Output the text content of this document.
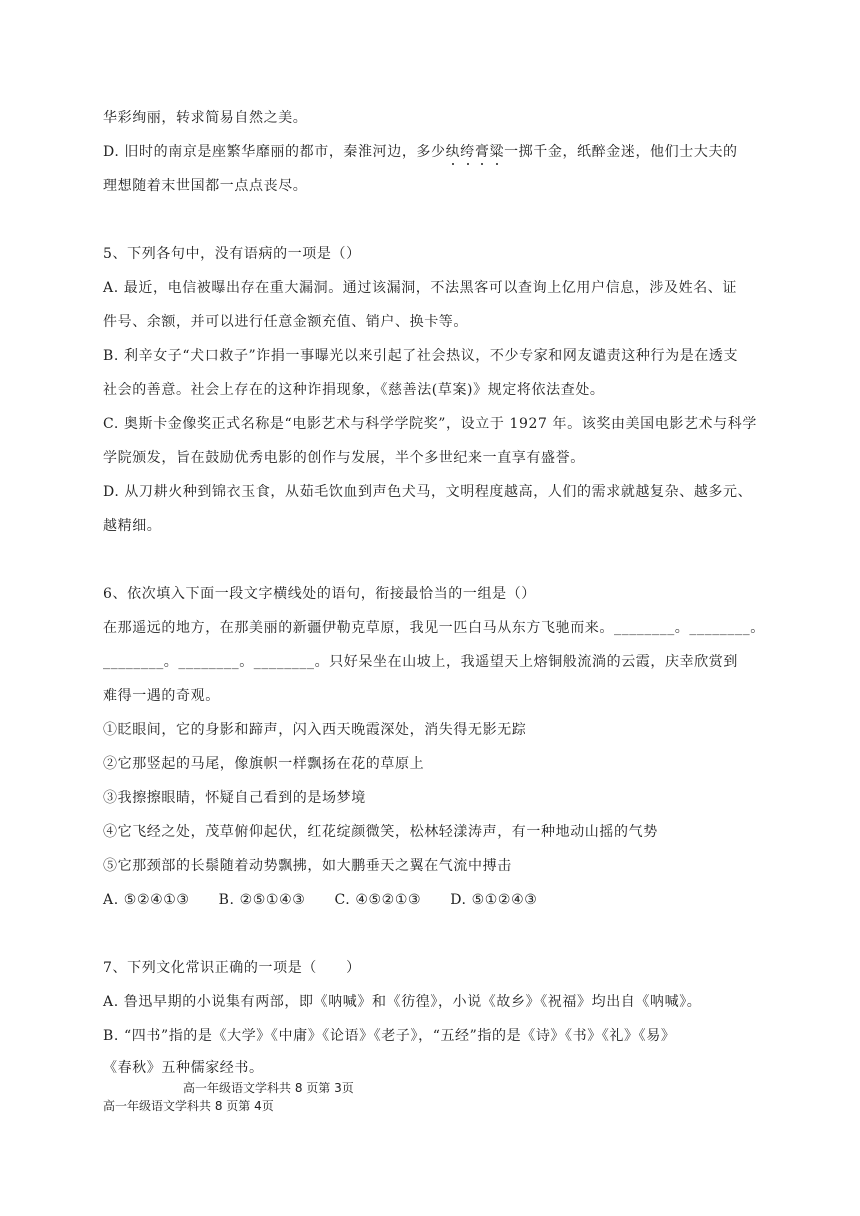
华彩绚丽，转求简易自然之美。
D. 旧时的南京是座繁华靡丽的都市，秦淮河边，多少纨绔膏粱一掷千金，纸醉金迷，他们士大夫的
理想随着末世国都一点点丧尽。
5、下列各句中，没有语病的一项是（）
A. 最近，电信被曝出存在重大漏洞。通过该漏洞，不法黑客可以查询上亿用户信息，涉及姓名、证
件号、余额，并可以进行任意金额充值、销户、换卡等。
B. 利辛女子“犬口救子”诈捐一事曝光以来引起了社会热议，不少专家和网友谴责这种行为是在透支
社会的善意。社会上存在的这种诈捐现象，《慈善法(草案)》规定将依法查处。
C. 奥斯卡金像奖正式名称是“电影艺术与科学学院奖”，设立于 1927 年。该奖由美国电影艺术与科学
学院颁发，旨在鼓励优秀电影的创作与发展，半个多世纪来一直享有盛誉。
D. 从刀耕火种到锦衣玉食，从茹毛饮血到声色犬马，文明程度越高，人们的需求就越复杂、越多元、
越精细。
6、依次填入下面一段文字横线处的语句，衔接最恰当的一组是（）
在那遥远的地方，在那美丽的新疆伊勒克草原，我见一匹白马从东方飞驰而来。________。________。
________。________。________。只好呆坐在山坡上，我遥望天上熔铜般流淌的云霞，庆幸欣赏到
难得一遇的奇观。
①眨眼间，它的身影和蹄声，闪入西天晚霞深处，消失得无影无踪
②它那竖起的马尾，像旗帜一样飘扬在花的草原上
③我擦擦眼睛，怀疑自己看到的是场梦境
④它飞经之处，茂草俯仰起伏，红花绽颜微笑，松林轻漾涛声，有一种地动山摇的气势
⑤它那颈部的长鬃随着动势飘拂，如大鹏垂天之翼在气流中搏击
A. ⑤②④①③ B. ②⑤①④③ C. ④⑤②①③ D. ⑤①②④③
7、下列文化常识正确的一项是（　　）
A. 鲁迅早期的小说集有两部，即《呐喊》和《彷徨》，小说《故乡》《祝福》均出自《呐喊》。
B. “四书”指的是《大学》《中庸》《论语》《老子》，“五经”指的是《诗》《书》《礼》《易》
《春秋》五种儒家经书。
高一年级语文学科共 8 页第 3页
高一年级语文学科共 8 页第 4页
